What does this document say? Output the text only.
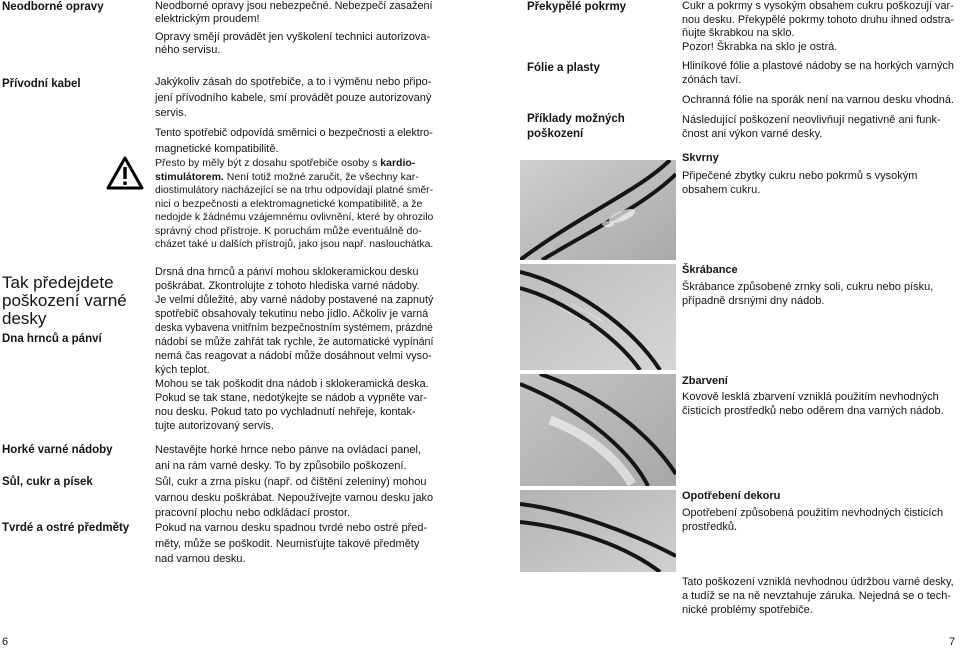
Neodborné opravy
Přívodní kabel
Tak předejdete
poškození varné
desky
Dna hrnců a pánví
Horké varné nádoby
Sůl, cukr a písek
Tvrdé a ostré předměty
Neodborné opravy jsou nebezpečné. Nebezpečí zasažení
elektrickým proudem!
Opravy smějí provádět jen vyškolení technici autorizova-
ného servisu.
Jakýkoliv zásah do spotřebiče, a to i výměnu nebo připo-
jení přívodního kabele, smí provádět pouze autorizovaný
servis.
Tento spotřebič odpovídá směrnici o bezpečnosti a elektro-
magnetické kompatibilitě.
Přesto by měly být z dosahu spotřebiče osoby s kardio-
stimulátorem. Není totiž možné zaručit, že všechny kar-
diostimulátory nacházející se na trhu odpovídají platné směr-
nici o bezpečnosti a elektromagnetické kompatibilitě, a že
nedojde k žádnému vzájemnému ovlivnění, které by ohrozilo
správný chod přístroje. K poruchám může eventuálně do-
cházet také u dalších přístrojů, jako jsou např. naslouchátka.
Drsná dna hrnců a pánví mohou sklokeramickou desku
poškrábat. Zkontrolujte z tohoto hlediska varné nádoby.
Je velmi důležité, aby varné nádoby postavené na zapnutý
spotřebič obsahovaly tekutinu nebo jídlo. Ačkoliv je varná
deska vybavena vnitřním bezpečnostním systémem, prázdné
nádobí se může zahřát tak rychle, že automatické vypínání
nemá čas reagovat a nádobí může dosáhnout velmi vyso-
kých teplot.
Mohou se tak poškodit dna nádob i sklokeramická deska.
Pokud se tak stane, nedotýkejte se nádob a vypněte var-
nou desku. Pokud tato po vychladnutí nehřeje, kontak-
tujte autorizovaný servis.
Nestavějte horké hrnce nebo pánve na ovládací panel,
ani na rám varné desky. To by způsobilo poškození.
Sůl, cukr a zrna písku (např. od čištění zeleniny) mohou
varnou desku poškrábat. Nepoužívejte varnou desku jako
pracovní plochu nebo odkládací prostor.
Pokud na varnou desku spadnou tvrdé nebo ostré před-
měty, může se poškodit. Neumisťujte takové předměty
nad varnou desku.
6
Překypělé pokrmy
Fólie a plasty
Příklady možných
poškození
Cukr a pokrmy s vysokým obsahem cukru poškozují var-
nou desku. Překypělé pokrmy tohoto druhu ihned odstra-
ňujte škrabkou na sklo.
Pozor! Škrabka na sklo je ostrá.
Hliníkové fólie a plastové nádoby se na horkých varných
zónách taví.
Ochranná fólie na sporák není na varnou desku vhodná.
Následující poškození neovlivňují negativně ani funk-
čnost ani výkon varné desky.
Skvrny
Připečené zbytky cukru nebo pokrmů s vysokým
obsahem cukru.
Škrábance
Škrábance způsobené zrnky soli, cukru nebo písku,
případně drsnými dny nádob.
Zbarvení
Kovově lesklá zbarvení vzniklá použitím nevhodných
čisticích prostředků nebo oděrem dna varných nádob.
Opotřebení dekoru
Opotřebení způsobená použitím nevhodných čisticích
prostředků.
Tato poškození vzniklá nevhodnou údržbou varné desky,
a tudíž se na ně nevztahuje záruka. Nejedná se o tech-
nické problémy spotřebiče.
7
